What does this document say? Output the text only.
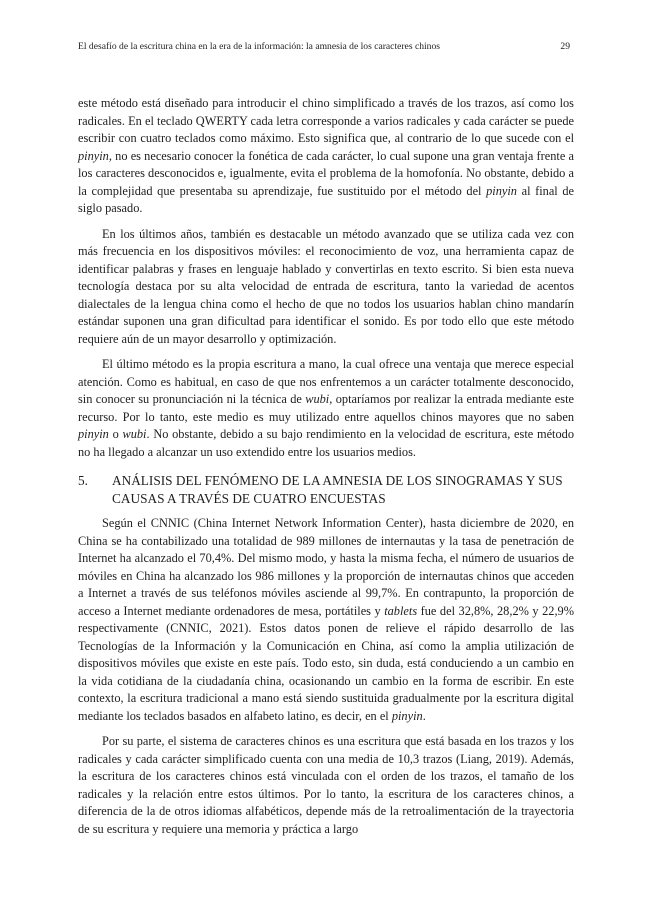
El desafío de la escritura china en la era de la información: la amnesia de los caracteres chinos	29

este método está diseñado para introducir el chino simplificado a través de los trazos, así como los radicales. En el teclado QWERTY cada letra corresponde a varios radicales y cada carácter se puede escribir con cuatro teclados como máximo. Esto significa que, al contrario de lo que sucede con el pinyin, no es necesario conocer la fonética de cada carácter, lo cual supone una gran ventaja frente a los caracteres desconocidos e, igualmente, evita el problema de la homofonía. No obstante, debido a la complejidad que presentaba su aprendizaje, fue sustituido por el método del pinyin al final de siglo pasado.

En los últimos años, también es destacable un método avanzado que se utiliza cada vez con más frecuencia en los dispositivos móviles: el reconocimiento de voz, una herramienta capaz de identificar palabras y frases en lenguaje hablado y convertirlas en texto escrito. Si bien esta nueva tecnología destaca por su alta velocidad de entrada de escritura, tanto la variedad de acentos dialectales de la lengua china como el hecho de que no todos los usuarios hablan chino mandarín estándar suponen una gran dificultad para identificar el sonido. Es por todo ello que este método requiere aún de un mayor desarrollo y optimización.

El último método es la propia escritura a mano, la cual ofrece una ventaja que merece especial atención. Como es habitual, en caso de que nos enfrentemos a un carácter totalmente desconocido, sin conocer su pronunciación ni la técnica de wubi, optaríamos por realizar la entrada mediante este recurso. Por lo tanto, este medio es muy utilizado entre aquellos chinos mayores que no saben pinyin o wubi. No obstante, debido a su bajo rendimiento en la velocidad de escritura, este método no ha llegado a alcanzar un uso extendido entre los usuarios medios.

5.	ANÁLISIS DEL FENÓMENO DE LA AMNESIA DE LOS SINOGRAMAS Y SUS CAUSAS A TRAVÉS DE CUATRO ENCUESTAS

Según el CNNIC (China Internet Network Information Center), hasta diciembre de 2020, en China se ha contabilizado una totalidad de 989 millones de internautas y la tasa de penetración de Internet ha alcanzado el 70,4%. Del mismo modo, y hasta la misma fecha, el número de usuarios de móviles en China ha alcanzado los 986 millones y la proporción de internautas chinos que acceden a Internet a través de sus teléfonos móviles asciende al 99,7%. En contrapunto, la proporción de acceso a Internet mediante ordenadores de mesa, portátiles y tablets fue del 32,8%, 28,2% y 22,9% respectivamente (CNNIC, 2021). Estos datos ponen de relieve el rápido desarrollo de las Tecnologías de la Información y la Comunicación en China, así como la amplia utilización de dispositivos móviles que existe en este país. Todo esto, sin duda, está conduciendo a un cambio en la vida cotidiana de la ciudadanía china, ocasionando un cambio en la forma de escribir. En este contexto, la escritura tradicional a mano está siendo sustituida gradualmente por la escritura digital mediante los teclados basados en alfabeto latino, es decir, en el pinyin.

Por su parte, el sistema de caracteres chinos es una escritura que está basada en los trazos y los radicales y cada carácter simplificado cuenta con una media de 10,3 trazos (Liang, 2019). Además, la escritura de los caracteres chinos está vinculada con el orden de los trazos, el tamaño de los radicales y la relación entre estos últimos. Por lo tanto, la escritura de los caracteres chinos, a diferencia de la de otros idiomas alfabéticos, depende más de la retroalimentación de la trayectoria de su escritura y requiere una memoria y práctica a largo
